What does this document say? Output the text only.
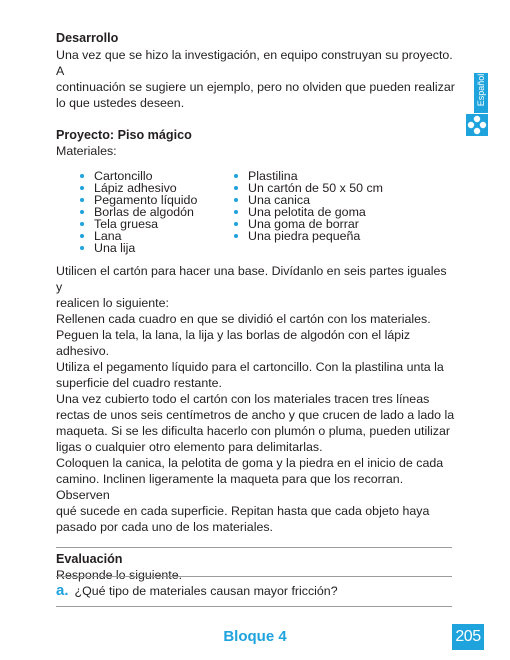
Desarrollo

Una vez que se hizo la investigación, en equipo construyan su proyecto. A

continuación se sugiere un ejemplo, pero no olviden que pueden realizar

lo que ustedes deseen.

Proyecto: Piso mágico

Materiales:

Cartoncillo
Lápiz adhesivo
Pegamento líquido
Borlas de algodón
Tela gruesa
Lana
Una lija
Plastilina
Un cartón de 50 x 50 cm
Una canica
Una pelotita de goma
Una goma de borrar
Una piedra pequeña

Utilicen el cartón para hacer una base. Divídanlo en seis partes iguales y

realicen lo siguiente:

Rellenen cada cuadro en que se dividió el cartón con los materiales.

Peguen la tela, la lana, la lija y las borlas de algodón con el lápiz adhesivo.

Utiliza el pegamento líquido para el cartoncillo. Con la plastilina unta la

superficie del cuadro restante.

Una vez cubierto todo el cartón con los materiales tracen tres líneas

rectas de unos seis centímetros de ancho y que crucen de lado a lado la

maqueta. Si se les dificulta hacerlo con plumón o pluma, pueden utilizar

ligas o cualquier otro elemento para delimitarlas.

Coloquen la canica, la pelotita de goma y la piedra en el inicio de cada

camino. Inclinen ligeramente la maqueta para que los recorran. Observen

qué sucede en cada superficie. Repitan hasta que cada objeto haya

pasado por cada uno de los materiales.

Evaluación

Responde lo siguiente.

a. ¿Qué tipo de materiales causan mayor fricción?
Español
Bloque 4	205
